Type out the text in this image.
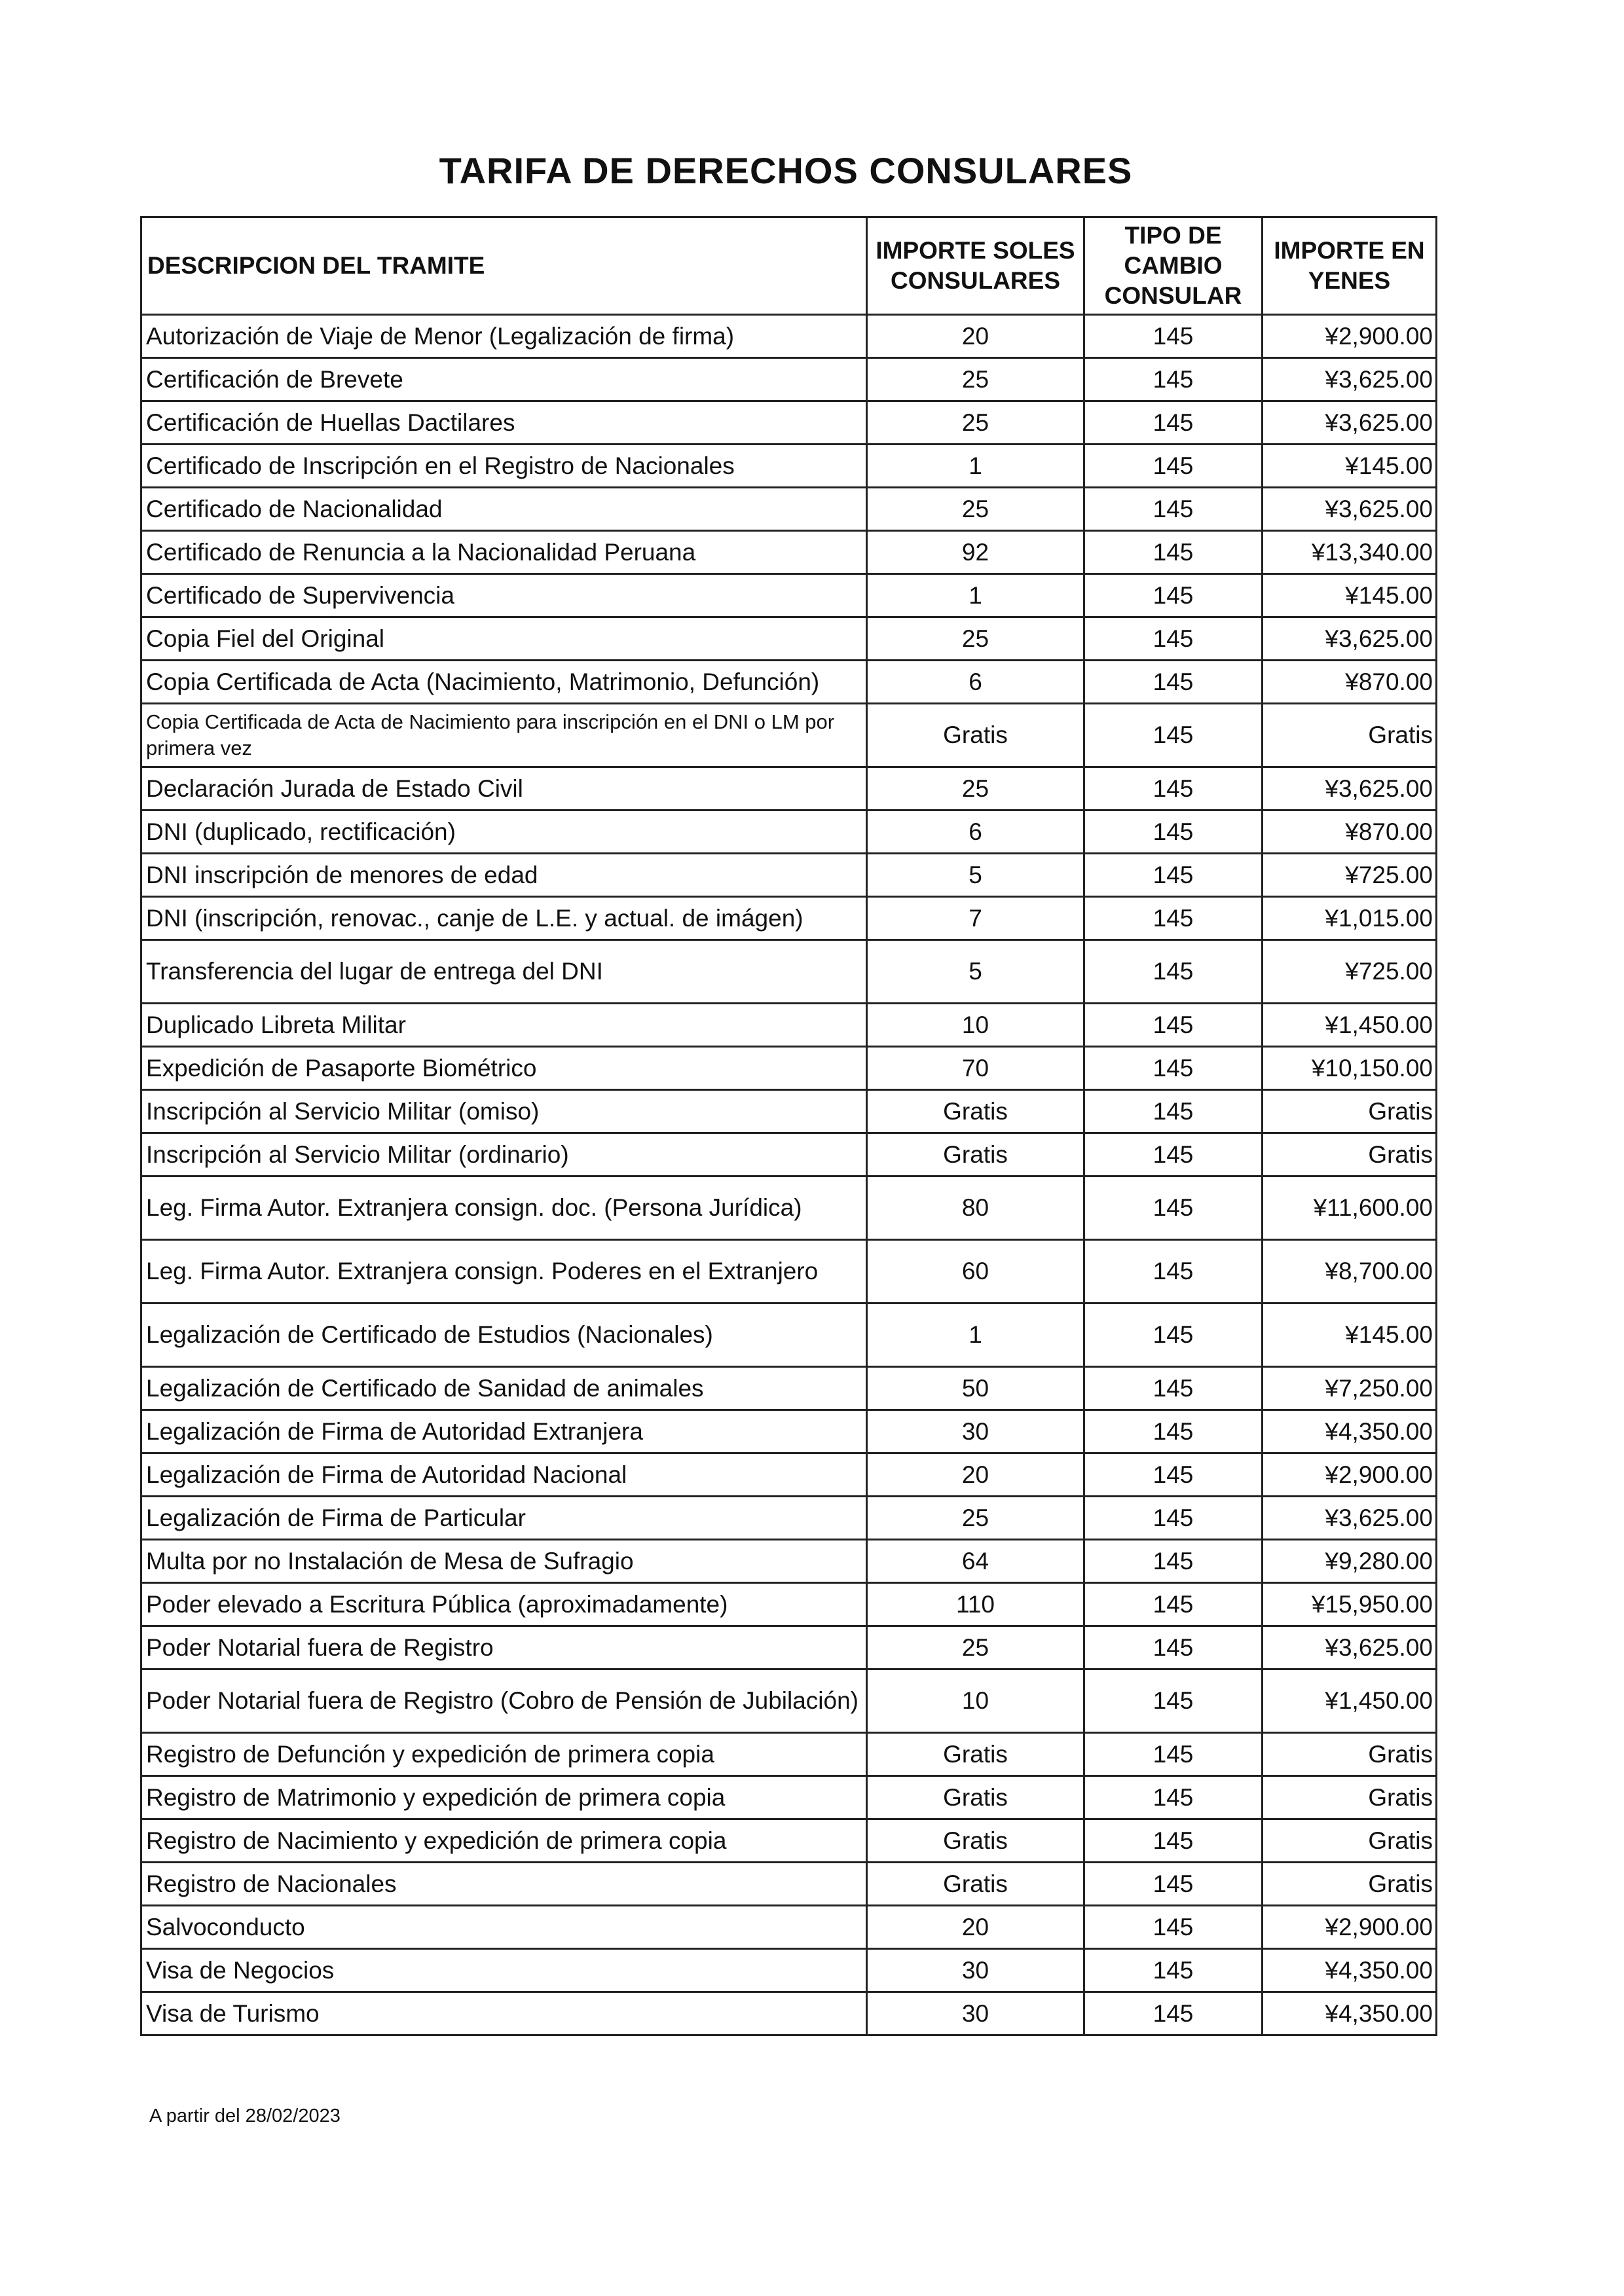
TARIFA DE DERECHOS CONSULARES
DESCRIPCION DEL TRAMITE	IMPORTE SOLES CONSULARES	TIPO DE CAMBIO CONSULAR	IMPORTE EN YENES
Autorización de Viaje de Menor (Legalización de firma)	20	145	¥2,900.00
Certificación de Brevete	25	145	¥3,625.00
Certificación de Huellas Dactilares	25	145	¥3,625.00
Certificado de Inscripción en el Registro de Nacionales	1	145	¥145.00
Certificado de Nacionalidad	25	145	¥3,625.00
Certificado de Renuncia a la Nacionalidad Peruana	92	145	¥13,340.00
Certificado de Supervivencia	1	145	¥145.00
Copia Fiel del Original	25	145	¥3,625.00
Copia Certificada de Acta (Nacimiento, Matrimonio, Defunción)	6	145	¥870.00
Copia Certificada de Acta de Nacimiento para inscripción en el DNI o LM por primera vez	Gratis	145	Gratis
Declaración Jurada de Estado Civil	25	145	¥3,625.00
DNI (duplicado, rectificación)	6	145	¥870.00
DNI inscripción de menores de edad	5	145	¥725.00
DNI (inscripción, renovac., canje de L.E. y actual. de imágen)	7	145	¥1,015.00
Transferencia del lugar de entrega del DNI	5	145	¥725.00
Duplicado Libreta Militar	10	145	¥1,450.00
Expedición de Pasaporte Biométrico	70	145	¥10,150.00
Inscripción al Servicio Militar (omiso)	Gratis	145	Gratis
Inscripción al Servicio Militar (ordinario)	Gratis	145	Gratis
Leg. Firma Autor. Extranjera consign. doc. (Persona Jurídica)	80	145	¥11,600.00
Leg. Firma Autor. Extranjera consign. Poderes en el Extranjero	60	145	¥8,700.00
Legalización de Certificado de Estudios (Nacionales)	1	145	¥145.00
Legalización de Certificado de Sanidad de animales	50	145	¥7,250.00
Legalización de Firma de Autoridad Extranjera	30	145	¥4,350.00
Legalización de Firma de Autoridad Nacional	20	145	¥2,900.00
Legalización de Firma de Particular	25	145	¥3,625.00
Multa por no Instalación de Mesa de Sufragio	64	145	¥9,280.00
Poder elevado a Escritura Pública (aproximadamente)	110	145	¥15,950.00
Poder Notarial fuera de Registro	25	145	¥3,625.00
Poder Notarial fuera de Registro (Cobro de Pensión de Jubilación)	10	145	¥1,450.00
Registro de Defunción y expedición de primera copia	Gratis	145	Gratis
Registro de Matrimonio y expedición de primera copia	Gratis	145	Gratis
Registro de Nacimiento y expedición de primera copia	Gratis	145	Gratis
Registro de Nacionales	Gratis	145	Gratis
Salvoconducto	20	145	¥2,900.00
Visa de Negocios	30	145	¥4,350.00
Visa de Turismo	30	145	¥4,350.00

A partir del 28/02/2023
